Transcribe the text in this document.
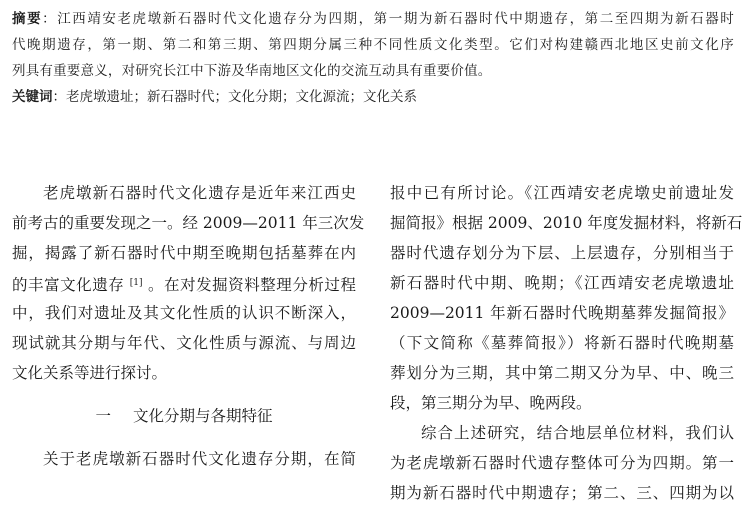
摘要：江西靖安老虎墩新石器时代文化遗存分为四期，第一期为新石器时代中期遗存，第二至四期为新石器时
代晚期遗存，第一期、第二和第三期、第四期分属三种不同性质文化类型。它们对构建赣西北地区史前文化序
列具有重要意义，对研究长江中下游及华南地区文化的交流互动具有重要价值。
关键词：老虎墩遗址；新石器时代；文化分期；文化源流；文化关系
老虎墩新石器时代文化遗存是近年来江西史
前考古的重要发现之一。经 2009—2011 年三次发
掘，揭露了新石器时代中期至晚期包括墓葬在内
的丰富文化遗存 [1] 。在对发掘资料整理分析过程
中，我们对遗址及其文化性质的认识不断深入，
现试就其分期与年代、文化性质与源流、与周边
文化关系等进行探讨。
一 文化分期与各期特征
关于老虎墩新石器时代文化遗存分期，在简
报中已有所讨论。《江西靖安老虎墩史前遗址发
掘简报》根据 2009、2010 年度发掘材料，将新石
器时代遗存划分为下层、上层遗存，分别相当于
新石器时代中期、晚期；《江西靖安老虎墩遗址
2009—2011 年新石器时代晚期墓葬发掘简报》
（下文简称《墓葬简报》）将新石器时代晚期墓
葬划分为三期，其中第二期又分为早、中、晚三
段，第三期分为早、晚两段。
综合上述研究，结合地层单位材料，我们认
为老虎墩新石器时代遗存整体可分为四期。第一
期为新石器时代中期遗存；第二、三、四期为以
